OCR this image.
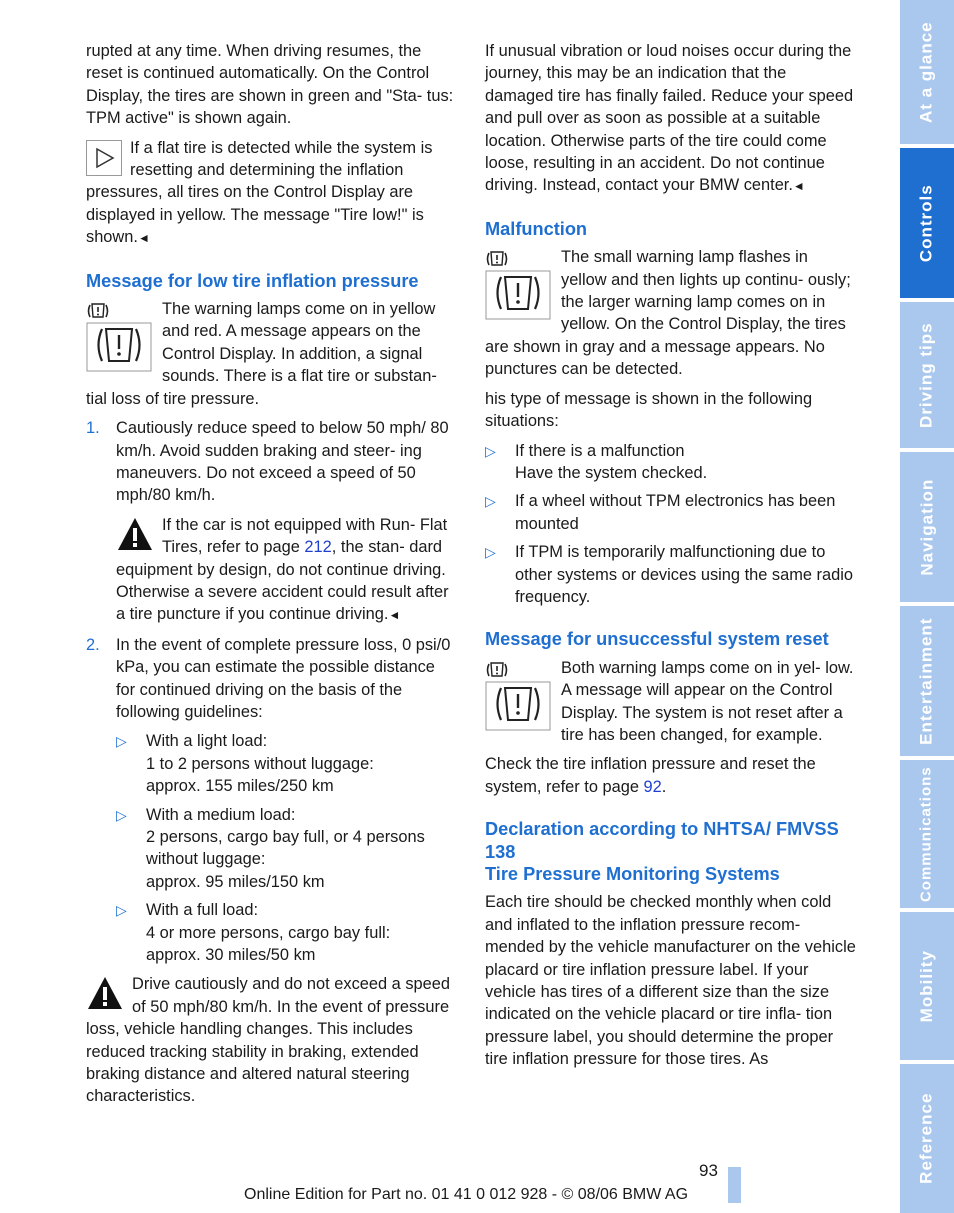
rupted at any time. When driving resumes, the reset is continued automatically. On the Control Display, the tires are shown in green and "Sta- tus: TPM active" is shown again.

If a flat tire is detected while the system is resetting and determining the inflation pressures, all tires on the Control Display are displayed in yellow. The message "Tire low!" is shown.◄

Message for low tire inflation pressure

The warning lamps come on in yellow and red. A message appears on the Control Display. In addition, a signal sounds. There is a flat tire or substan- tial loss of tire pressure.

1. Cautiously reduce speed to below 50 mph/ 80 km/h. Avoid sudden braking and steer- ing maneuvers. Do not exceed a speed of 50 mph/80 km/h.

If the car is not equipped with Run- Flat Tires, refer to page 212, the stan- dard equipment by design, do not continue driving. Otherwise a severe accident could result after a tire puncture if you continue driving.◄

2. In the event of complete pressure loss, 0 psi/0 kPa, you can estimate the possible distance for continued driving on the basis of the following guidelines:

▷ With a light load:
1 to 2 persons without luggage:
approx. 155 miles/250 km
▷ With a medium load:
2 persons, cargo bay full, or 4 persons without luggage:
approx. 95 miles/150 km
▷ With a full load:
4 or more persons, cargo bay full:
approx. 30 miles/50 km

Drive cautiously and do not exceed a speed of 50 mph/80 km/h. In the event of pressure loss, vehicle handling changes. This includes reduced tracking stability in braking, extended braking distance and altered natural steering characteristics.

If unusual vibration or loud noises occur during the journey, this may be an indication that the damaged tire has finally failed. Reduce your speed and pull over as soon as possible at a suitable location. Otherwise parts of the tire could come loose, resulting in an accident. Do not continue driving. Instead, contact your BMW center.◄

Malfunction

The small warning lamp flashes in yellow and then lights up continu- ously; the larger warning lamp comes on in yellow. On the Control Display, the tires are shown in gray and a message appears. No punctures can be detected.

his type of message is shown in the following situations:

▷ If there is a malfunction
Have the system checked.
▷ If a wheel without TPM electronics has been mounted
▷ If TPM is temporarily malfunctioning due to other systems or devices using the same radio frequency.
Message for unsuccessful system reset

Both warning lamps come on in yel- low. A message will appear on the Control Display. The system is not reset after a tire has been changed, for example.

Check the tire inflation pressure and reset the system, refer to page 92.

Declaration according to NHTSA/ FMVSS 138
Tire Pressure Monitoring Systems

Each tire should be checked monthly when cold and inflated to the inflation pressure recom- mended by the vehicle manufacturer on the vehicle placard or tire inflation pressure label. If your vehicle has tires of a different size than the size indicated on the vehicle placard or tire infla- tion pressure label, you should determine the proper tire inflation pressure for those tires. As

At a glance
Controls
Driving tips
Navigation
Entertainment
Communications
Mobility
Reference
93
Online Edition for Part no. 01 41 0 012 928 - © 08/06 BMW AG
